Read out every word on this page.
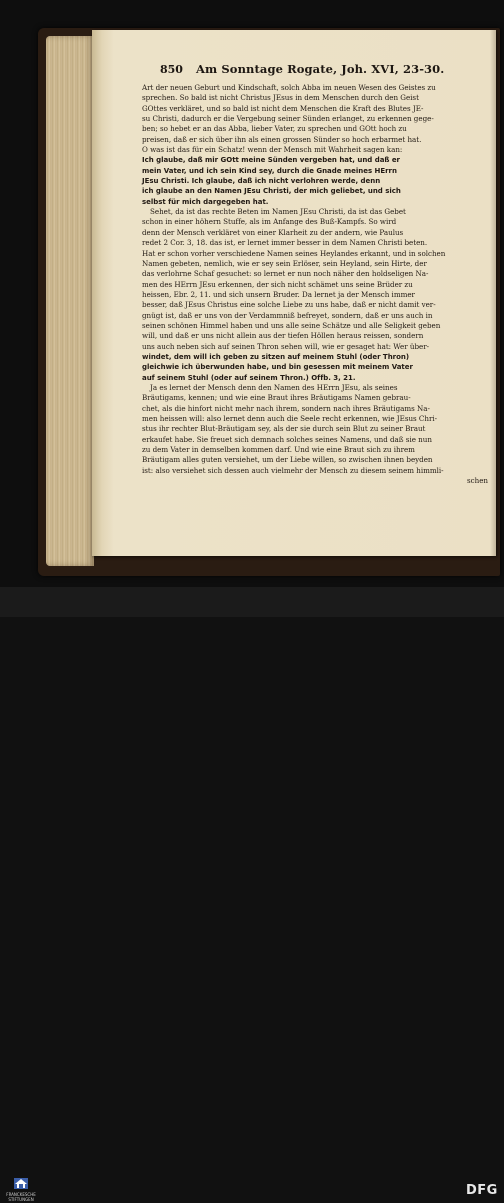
850 Am Sonntage Rogate, Joh. XVI, 23-30.
Art der neuen Geburt und Kindschaft, solch Abba im neuen Wesen des Geistes zu
sprechen. So bald ist nicht Christus JEsus in dem Menschen durch den Geist
GOttes verkläret, und so bald ist nicht dem Menschen die Kraft des Blutes JE-
su Christi, dadurch er die Vergebung seiner Sünden erlanget, zu erkennen gege-
ben; so hebet er an das Abba, lieber Vater, zu sprechen und GOtt hoch zu
preisen, daß er sich über ihn als einen grossen Sünder so hoch erbarmet hat.
O was ist das für ein Schatz! wenn der Mensch mit Wahrheit sagen kan:
Ich glaube, daß mir GOtt meine Sünden vergeben hat, und daß er
mein Vater, und ich sein Kind sey, durch die Gnade meines HErrn
JEsu Christi. Ich glaube, daß ich nicht verlohren werde, denn
ich glaube an den Namen JEsu Christi, der mich geliebet, und sich
selbst für mich dargegeben hat.
Sehet, da ist das rechte Beten im Namen JEsu Christi, da ist das Gebet
schon in einer höhern Stuffe, als im Anfange des Buß-Kampfs. So wird
denn der Mensch verkläret von einer Klarheit zu der andern, wie Paulus
redet 2 Cor. 3, 18. das ist, er lernet immer besser in dem Namen Christi beten.
Hat er schon vorher verschiedene Namen seines Heylandes erkannt, und in solchen
Namen gebeten, nemlich, wie er sey sein Erlöser, sein Heyland, sein Hirte, der
das verlohrne Schaf gesuchet: so lernet er nun noch näher den holdseligen Na-
men des HErrn JEsu erkennen, der sich nicht schämet uns seine Brüder zu
heissen, Ebr. 2, 11. und sich unsern Bruder. Da lernet ja der Mensch immer
besser, daß JEsus Christus eine solche Liebe zu uns habe, daß er nicht damit ver-
gnügt ist, daß er uns von der Verdammniß befreyet, sondern, daß er uns auch in
seinen schönen Himmel haben und uns alle seine Schätze und alle Seligkeit geben
will, und daß er uns nicht allein aus der tiefen Höllen heraus reissen, sondern
uns auch neben sich auf seinen Thron sehen will, wie er gesaget hat: Wer über-
windet, dem will ich geben zu sitzen auf meinem Stuhl (oder Thron)
gleichwie ich überwunden habe, und bin gesessen mit meinem Vater
auf seinem Stuhl (oder auf seinem Thron.) Offb. 3, 21.
Ja es lernet der Mensch denn den Namen des HErrn JEsu, als seines
Bräutigams, kennen; und wie eine Braut ihres Bräutigams Namen gebrau-
chet, als die hinfort nicht mehr nach ihrem, sondern nach ihres Bräutigams Na-
men heissen will: also lernet denn auch die Seele recht erkennen, wie JEsus Chri-
stus ihr rechter Blut-Bräutigam sey, als der sie durch sein Blut zu seiner Braut
erkaufet habe. Sie freuet sich demnach solches seines Namens, und daß sie nun
zu dem Vater in demselben kommen darf. Und wie eine Braut sich zu ihrem
Bräutigam alles guten versiehet, um der Liebe willen, so zwischen ihnen beyden
ist: also versiehet sich dessen auch vielmehr der Mensch zu diesem seinem himmli-
schen
FRANCKESCHE STIFTUNGEN
DFG
